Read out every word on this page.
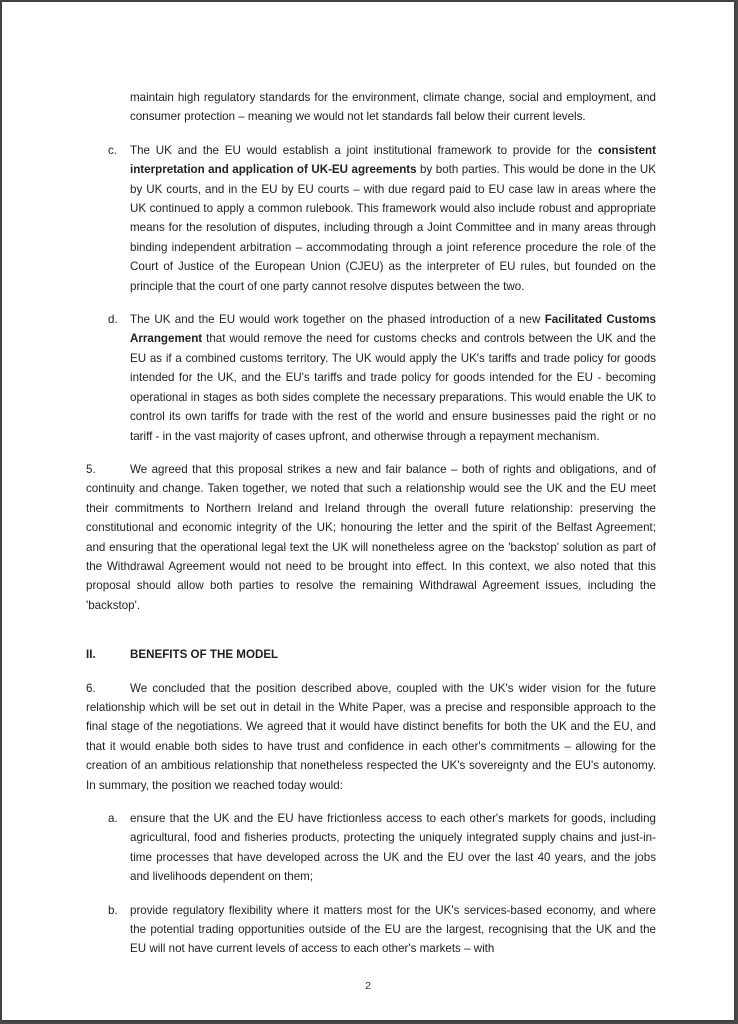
maintain high regulatory standards for the environment, climate change, social and employment, and consumer protection – meaning we would not let standards fall below their current levels.

c. The UK and the EU would establish a joint institutional framework to provide for the consistent interpretation and application of UK-EU agreements by both parties. This would be done in the UK by UK courts, and in the EU by EU courts – with due regard paid to EU case law in areas where the UK continued to apply a common rulebook. This framework would also include robust and appropriate means for the resolution of disputes, including through a Joint Committee and in many areas through binding independent arbitration – accommodating through a joint reference procedure the role of the Court of Justice of the European Union (CJEU) as the interpreter of EU rules, but founded on the principle that the court of one party cannot resolve disputes between the two.
d. The UK and the EU would work together on the phased introduction of a new Facilitated Customs Arrangement that would remove the need for customs checks and controls between the UK and the EU as if a combined customs territory. The UK would apply the UK's tariffs and trade policy for goods intended for the UK, and the EU's tariffs and trade policy for goods intended for the EU - becoming operational in stages as both sides complete the necessary preparations. This would enable the UK to control its own tariffs for trade with the rest of the world and ensure businesses paid the right or no tariff - in the vast majority of cases upfront, and otherwise through a repayment mechanism.
5.	We agreed that this proposal strikes a new and fair balance – both of rights and obligations, and of continuity and change. Taken together, we noted that such a relationship would see the UK and the EU meet their commitments to Northern Ireland and Ireland through the overall future relationship: preserving the constitutional and economic integrity of the UK; honouring the letter and the spirit of the Belfast Agreement; and ensuring that the operational legal text the UK will nonetheless agree on the 'backstop' solution as part of the Withdrawal Agreement would not need to be brought into effect. In this context, we also noted that this proposal should allow both parties to resolve the remaining Withdrawal Agreement issues, including the 'backstop'.
II.	BENEFITS OF THE MODEL
6.	We concluded that the position described above, coupled with the UK's wider vision for the future relationship which will be set out in detail in the White Paper, was a precise and responsible approach to the final stage of the negotiations. We agreed that it would have distinct benefits for both the UK and the EU, and that it would enable both sides to have trust and confidence in each other's commitments – allowing for the creation of an ambitious relationship that nonetheless respected the UK's sovereignty and the EU's autonomy. In summary, the position we reached today would:
a. ensure that the UK and the EU have frictionless access to each other's markets for goods, including agricultural, food and fisheries products, protecting the uniquely integrated supply chains and just-in-time processes that have developed across the UK and the EU over the last 40 years, and the jobs and livelihoods dependent on them;
b. provide regulatory flexibility where it matters most for the UK's services-based economy, and where the potential trading opportunities outside of the EU are the largest, recognising that the UK and the EU will not have current levels of access to each other's markets – with
2
